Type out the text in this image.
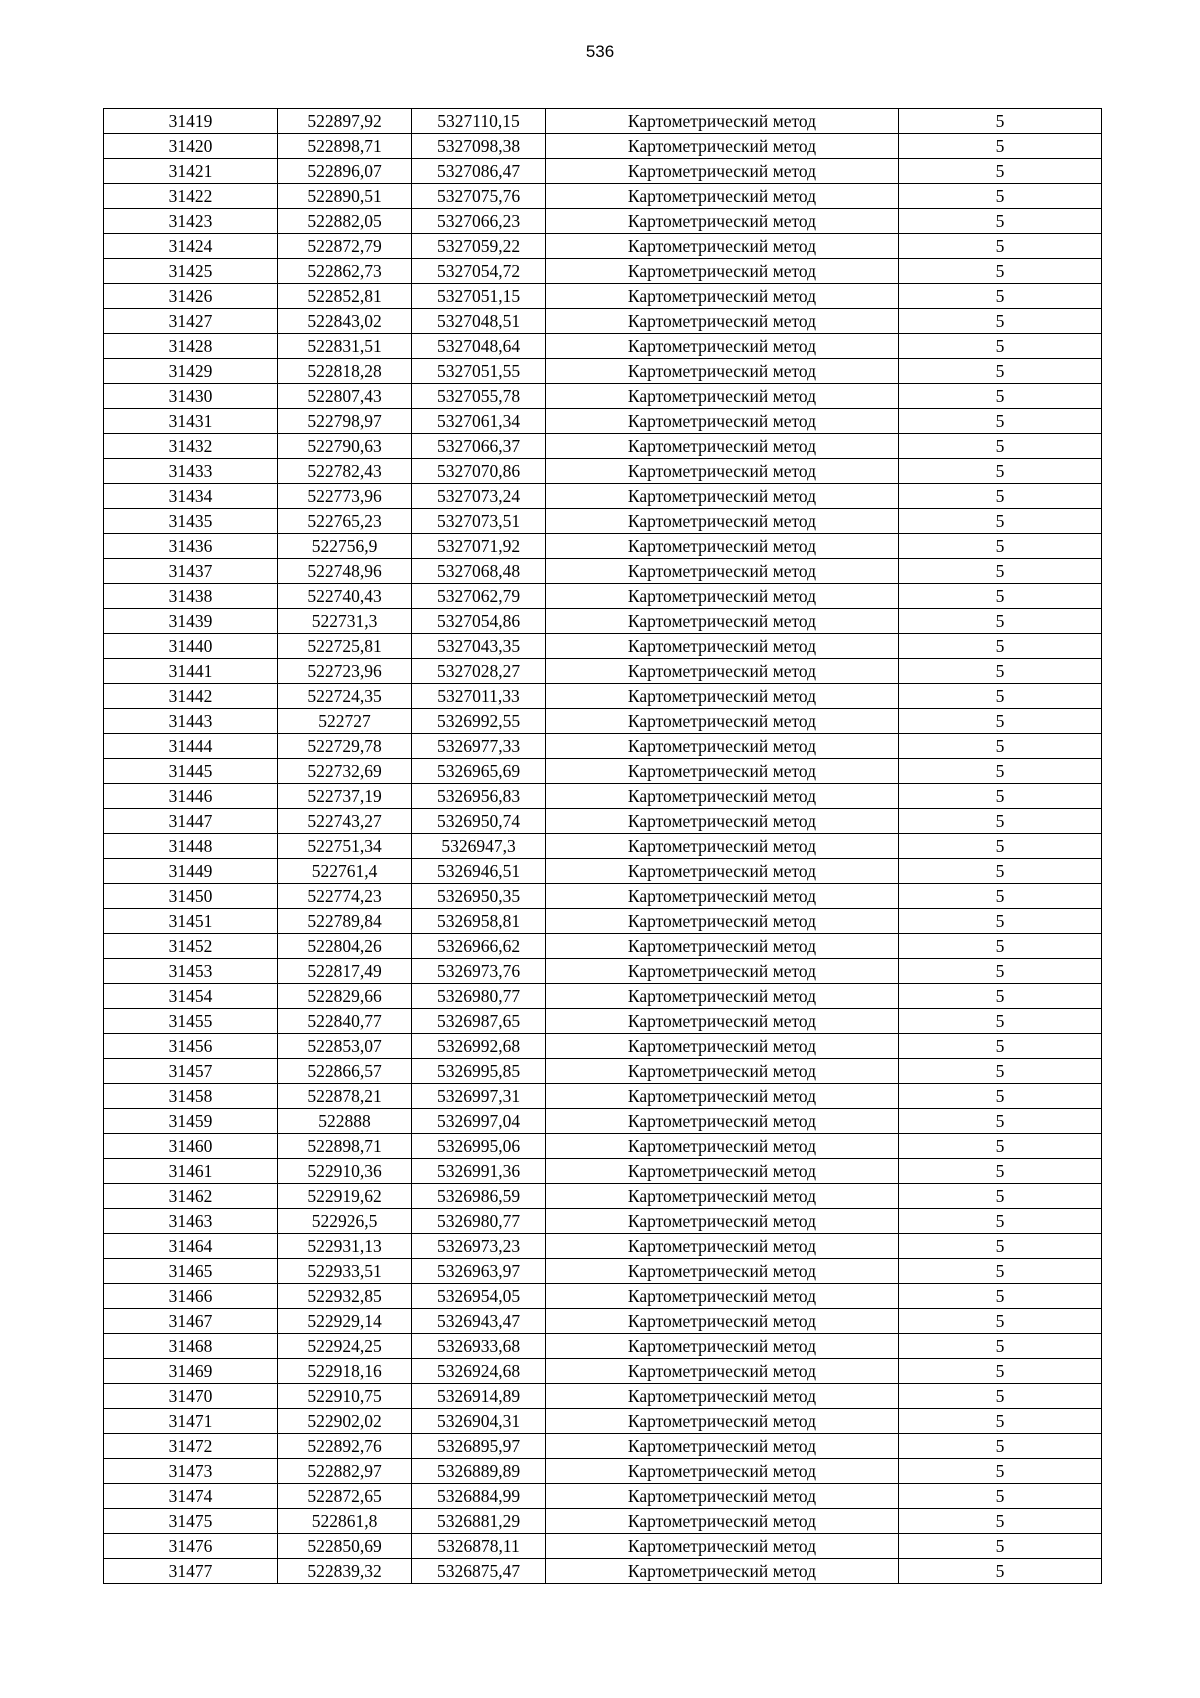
536
31419	522897,92	5327110,15	Картометрический метод	5
31420	522898,71	5327098,38	Картометрический метод	5
31421	522896,07	5327086,47	Картометрический метод	5
31422	522890,51	5327075,76	Картометрический метод	5
31423	522882,05	5327066,23	Картометрический метод	5
31424	522872,79	5327059,22	Картометрический метод	5
31425	522862,73	5327054,72	Картометрический метод	5
31426	522852,81	5327051,15	Картометрический метод	5
31427	522843,02	5327048,51	Картометрический метод	5
31428	522831,51	5327048,64	Картометрический метод	5
31429	522818,28	5327051,55	Картометрический метод	5
31430	522807,43	5327055,78	Картометрический метод	5
31431	522798,97	5327061,34	Картометрический метод	5
31432	522790,63	5327066,37	Картометрический метод	5
31433	522782,43	5327070,86	Картометрический метод	5
31434	522773,96	5327073,24	Картометрический метод	5
31435	522765,23	5327073,51	Картометрический метод	5
31436	522756,9	5327071,92	Картометрический метод	5
31437	522748,96	5327068,48	Картометрический метод	5
31438	522740,43	5327062,79	Картометрический метод	5
31439	522731,3	5327054,86	Картометрический метод	5
31440	522725,81	5327043,35	Картометрический метод	5
31441	522723,96	5327028,27	Картометрический метод	5
31442	522724,35	5327011,33	Картометрический метод	5
31443	522727	5326992,55	Картометрический метод	5
31444	522729,78	5326977,33	Картометрический метод	5
31445	522732,69	5326965,69	Картометрический метод	5
31446	522737,19	5326956,83	Картометрический метод	5
31447	522743,27	5326950,74	Картометрический метод	5
31448	522751,34	5326947,3	Картометрический метод	5
31449	522761,4	5326946,51	Картометрический метод	5
31450	522774,23	5326950,35	Картометрический метод	5
31451	522789,84	5326958,81	Картометрический метод	5
31452	522804,26	5326966,62	Картометрический метод	5
31453	522817,49	5326973,76	Картометрический метод	5
31454	522829,66	5326980,77	Картометрический метод	5
31455	522840,77	5326987,65	Картометрический метод	5
31456	522853,07	5326992,68	Картометрический метод	5
31457	522866,57	5326995,85	Картометрический метод	5
31458	522878,21	5326997,31	Картометрический метод	5
31459	522888	5326997,04	Картометрический метод	5
31460	522898,71	5326995,06	Картометрический метод	5
31461	522910,36	5326991,36	Картометрический метод	5
31462	522919,62	5326986,59	Картометрический метод	5
31463	522926,5	5326980,77	Картометрический метод	5
31464	522931,13	5326973,23	Картометрический метод	5
31465	522933,51	5326963,97	Картометрический метод	5
31466	522932,85	5326954,05	Картометрический метод	5
31467	522929,14	5326943,47	Картометрический метод	5
31468	522924,25	5326933,68	Картометрический метод	5
31469	522918,16	5326924,68	Картометрический метод	5
31470	522910,75	5326914,89	Картометрический метод	5
31471	522902,02	5326904,31	Картометрический метод	5
31472	522892,76	5326895,97	Картометрический метод	5
31473	522882,97	5326889,89	Картометрический метод	5
31474	522872,65	5326884,99	Картометрический метод	5
31475	522861,8	5326881,29	Картометрический метод	5
31476	522850,69	5326878,11	Картометрический метод	5
31477	522839,32	5326875,47	Картометрический метод	5
